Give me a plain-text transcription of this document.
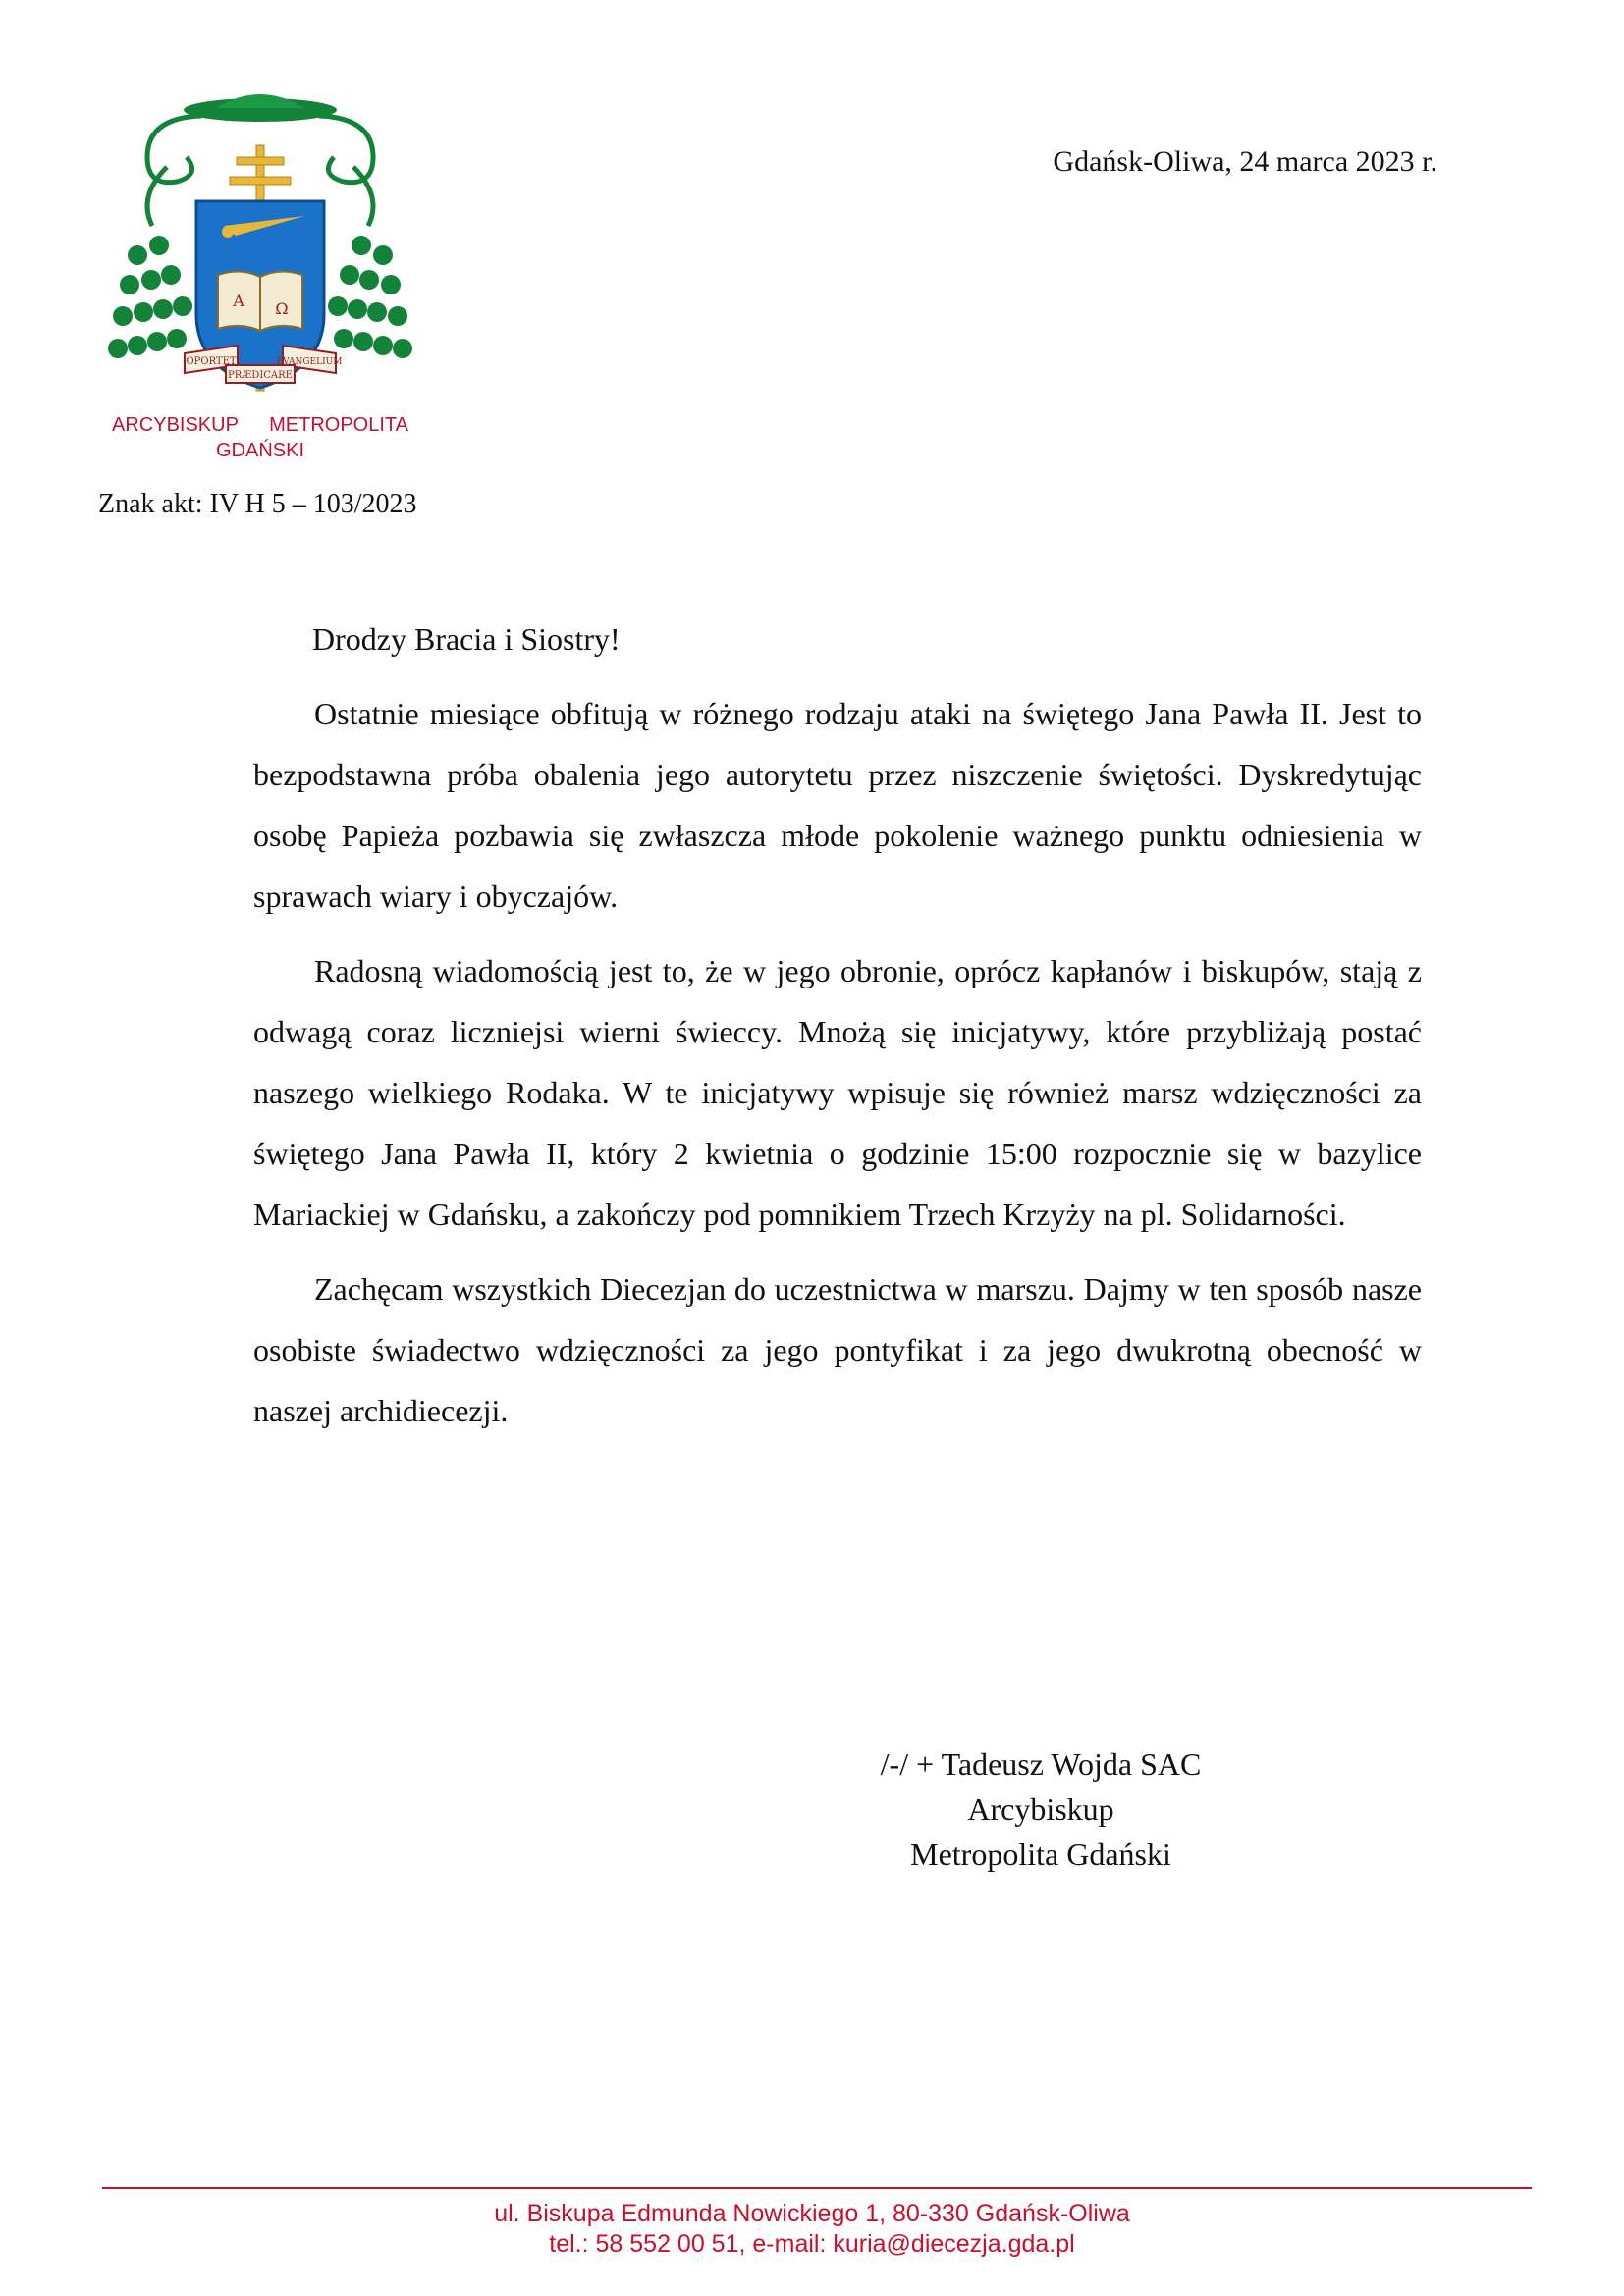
Α Ω
OPORTET
PRÆDICARE
EVANGELIUM
ARCYBISKUP METROPOLITA
GDAŃSKI
Gdańsk-Oliwa, 24 marca 2023 r.
Znak akt: IV H 5 – 103/2023

Drodzy Bracia i Siostry!

Ostatnie miesiące obfitują w różnego rodzaju ataki na świętego Jana Pawła II. Jest to bezpodstawna próba obalenia jego autorytetu przez niszczenie świętości. Dyskredytując osobę Papieża pozbawia się zwłaszcza młode pokolenie ważnego punktu odniesienia w sprawach wiary i obyczajów.

Radosną wiadomością jest to, że w jego obronie, oprócz kapłanów i biskupów, stają z odwagą coraz liczniejsi wierni świeccy. Mnożą się inicjatywy, które przybliżają postać naszego wielkiego Rodaka. W te inicjatywy wpisuje się również marsz wdzięczności za świętego Jana Pawła II, który 2 kwietnia o godzinie 15:00 rozpocznie się w bazylice Mariackiej w Gdańsku, a zakończy pod pomnikiem Trzech Krzyży na pl. Solidarności.

Zachęcam wszystkich Diecezjan do uczestnictwa w marszu. Dajmy w ten sposób nasze osobiste świadectwo wdzięczności za jego pontyfikat i za jego dwukrotną obecność w naszej archidiecezji.

/-/ + Tadeusz Wojda SAC
Arcybiskup
Metropolita Gdański
ul. Biskupa Edmunda Nowickiego 1, 80-330 Gdańsk-Oliwa
tel.: 58 552 00 51, e-mail: kuria@diecezja.gda.pl
